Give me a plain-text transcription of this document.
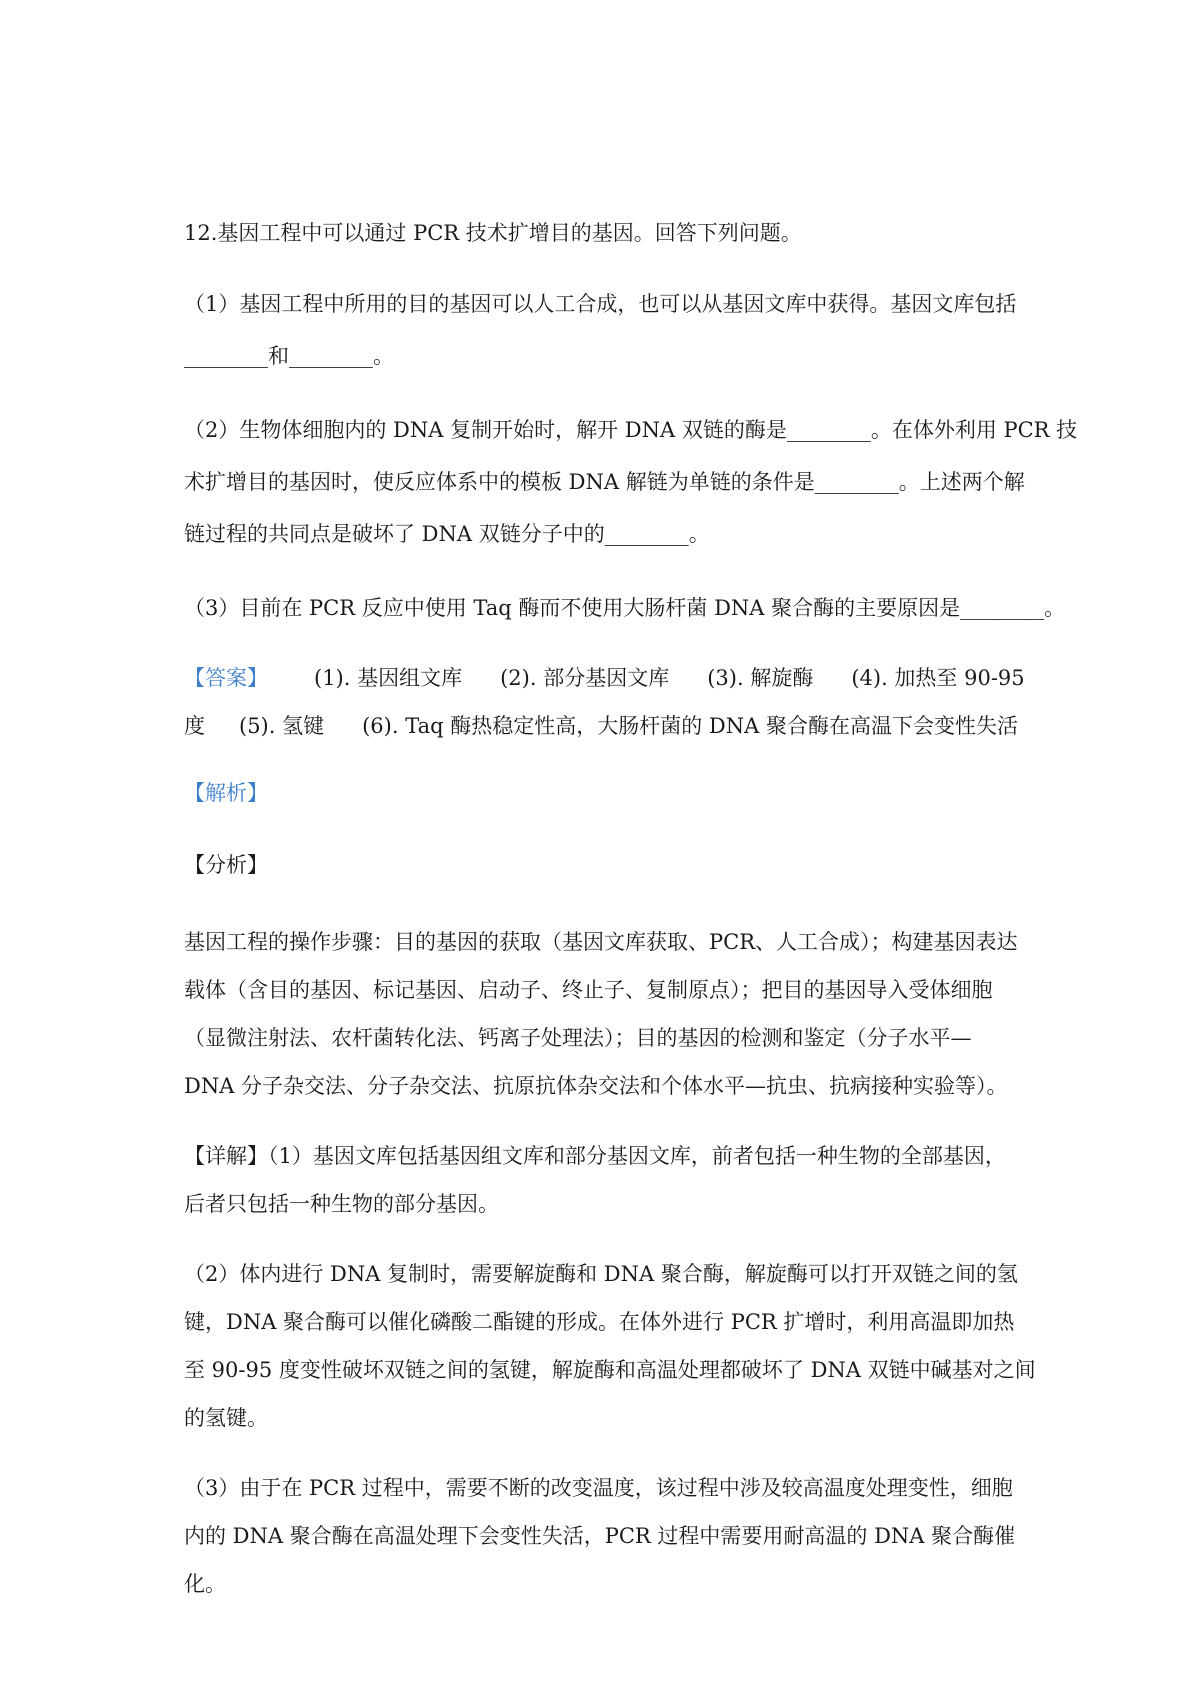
12.基因工程中可以通过 PCR 技术扩增目的基因。回答下列问题。

（1）基因工程中所用的目的基因可以人工合成，也可以从基因文库中获得。基因文库包括

________和________。

（2）生物体细胞内的 DNA 复制开始时，解开 DNA 双链的酶是________。在体外利用 PCR 技

术扩增目的基因时，使反应体系中的模板 DNA 解链为单链的条件是________。上述两个解

链过程的共同点是破坏了 DNA 双链分子中的________。

（3）目前在 PCR 反应中使用 Taq 酶而不使用大肠杆菌 DNA 聚合酶的主要原因是________。

【答案】 (1). 基因组文库 (2). 部分基因文库 (3). 解旋酶 (4). 加热至 90-95
度 (5). 氢键 (6). Taq 酶热稳定性高，大肠杆菌的 DNA 聚合酶在高温下会变性失活

【解析】

【分析】

基因工程的操作步骤：目的基因的获取（基因文库获取、PCR、人工合成）；构建基因表达

载体（含目的基因、标记基因、启动子、终止子、复制原点）；把目的基因导入受体细胞

（显微注射法、农杆菌转化法、钙离子处理法）；目的基因的检测和鉴定（分子水平—

DNA 分子杂交法、分子杂交法、抗原抗体杂交法和个体水平—抗虫、抗病接种实验等）。

【详解】（1）基因文库包括基因组文库和部分基因文库，前者包括一种生物的全部基因，

后者只包括一种生物的部分基因。

（2）体内进行 DNA 复制时，需要解旋酶和 DNA 聚合酶，解旋酶可以打开双链之间的氢

键，DNA 聚合酶可以催化磷酸二酯键的形成。在体外进行 PCR 扩增时，利用高温即加热

至 90-95 度变性破坏双链之间的氢键，解旋酶和高温处理都破坏了 DNA 双链中碱基对之间

的氢键。

（3）由于在 PCR 过程中，需要不断的改变温度，该过程中涉及较高温度处理变性，细胞

内的 DNA 聚合酶在高温处理下会变性失活，PCR 过程中需要用耐高温的 DNA 聚合酶催

化。
